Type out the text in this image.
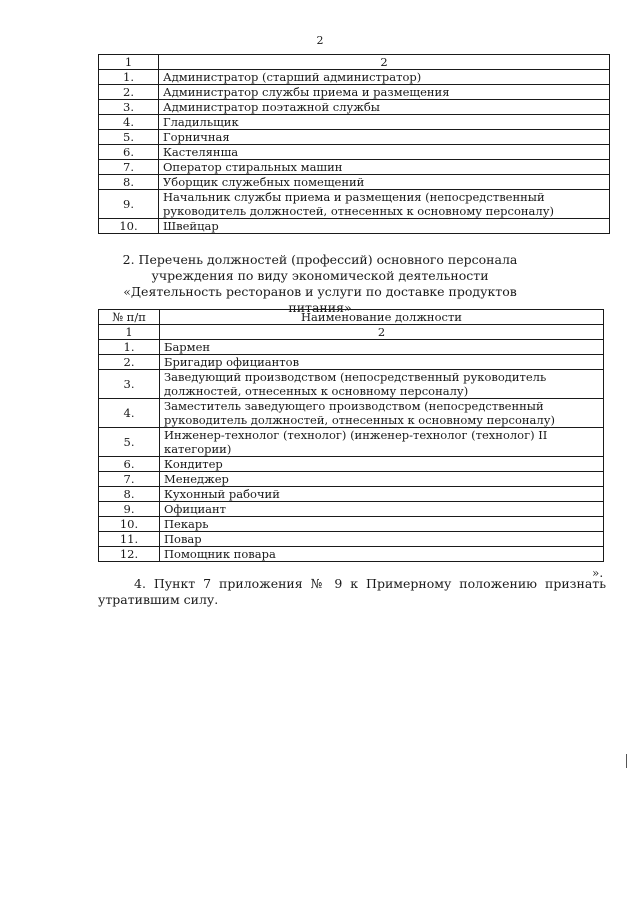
2
1	2
1.	Администратор (старший администратор)
2.	Администратор службы приема и размещения
3.	Администратор поэтажной службы
4.	Гладильщик
5.	Горничная
6.	Кастелянша
7.	Оператор стиральных машин
8.	Уборщик служебных помещений
9.	Начальник службы приема и размещения (непосредственный руководитель должностей, отнесенных к основному персоналу)
10.	Швейцар
2. Перечень должностей (профессий) основного персонала учреждения по виду экономической деятельности «Деятельность ресторанов и услуги по доставке продуктов питания»
№ п/п	Наименование должности
1	2
1.	Бармен
2.	Бригадир официантов
3.	Заведующий производством (непосредственный руководитель должностей, отнесенных к основному персоналу)
4.	Заместитель заведующего производством (непосредственный руководитель должностей, отнесенных к основному персоналу)
5.	Инженер-технолог (технолог) (инженер-технолог (технолог) II категории)
6.	Кондитер
7.	Менеджер
8.	Кухонный рабочий
9.	Официант
10.	Пекарь
11.	Повар
12.	Помощник повара
».
4. Пункт 7 приложения № 9 к Примерному положению признать утратившим силу.
